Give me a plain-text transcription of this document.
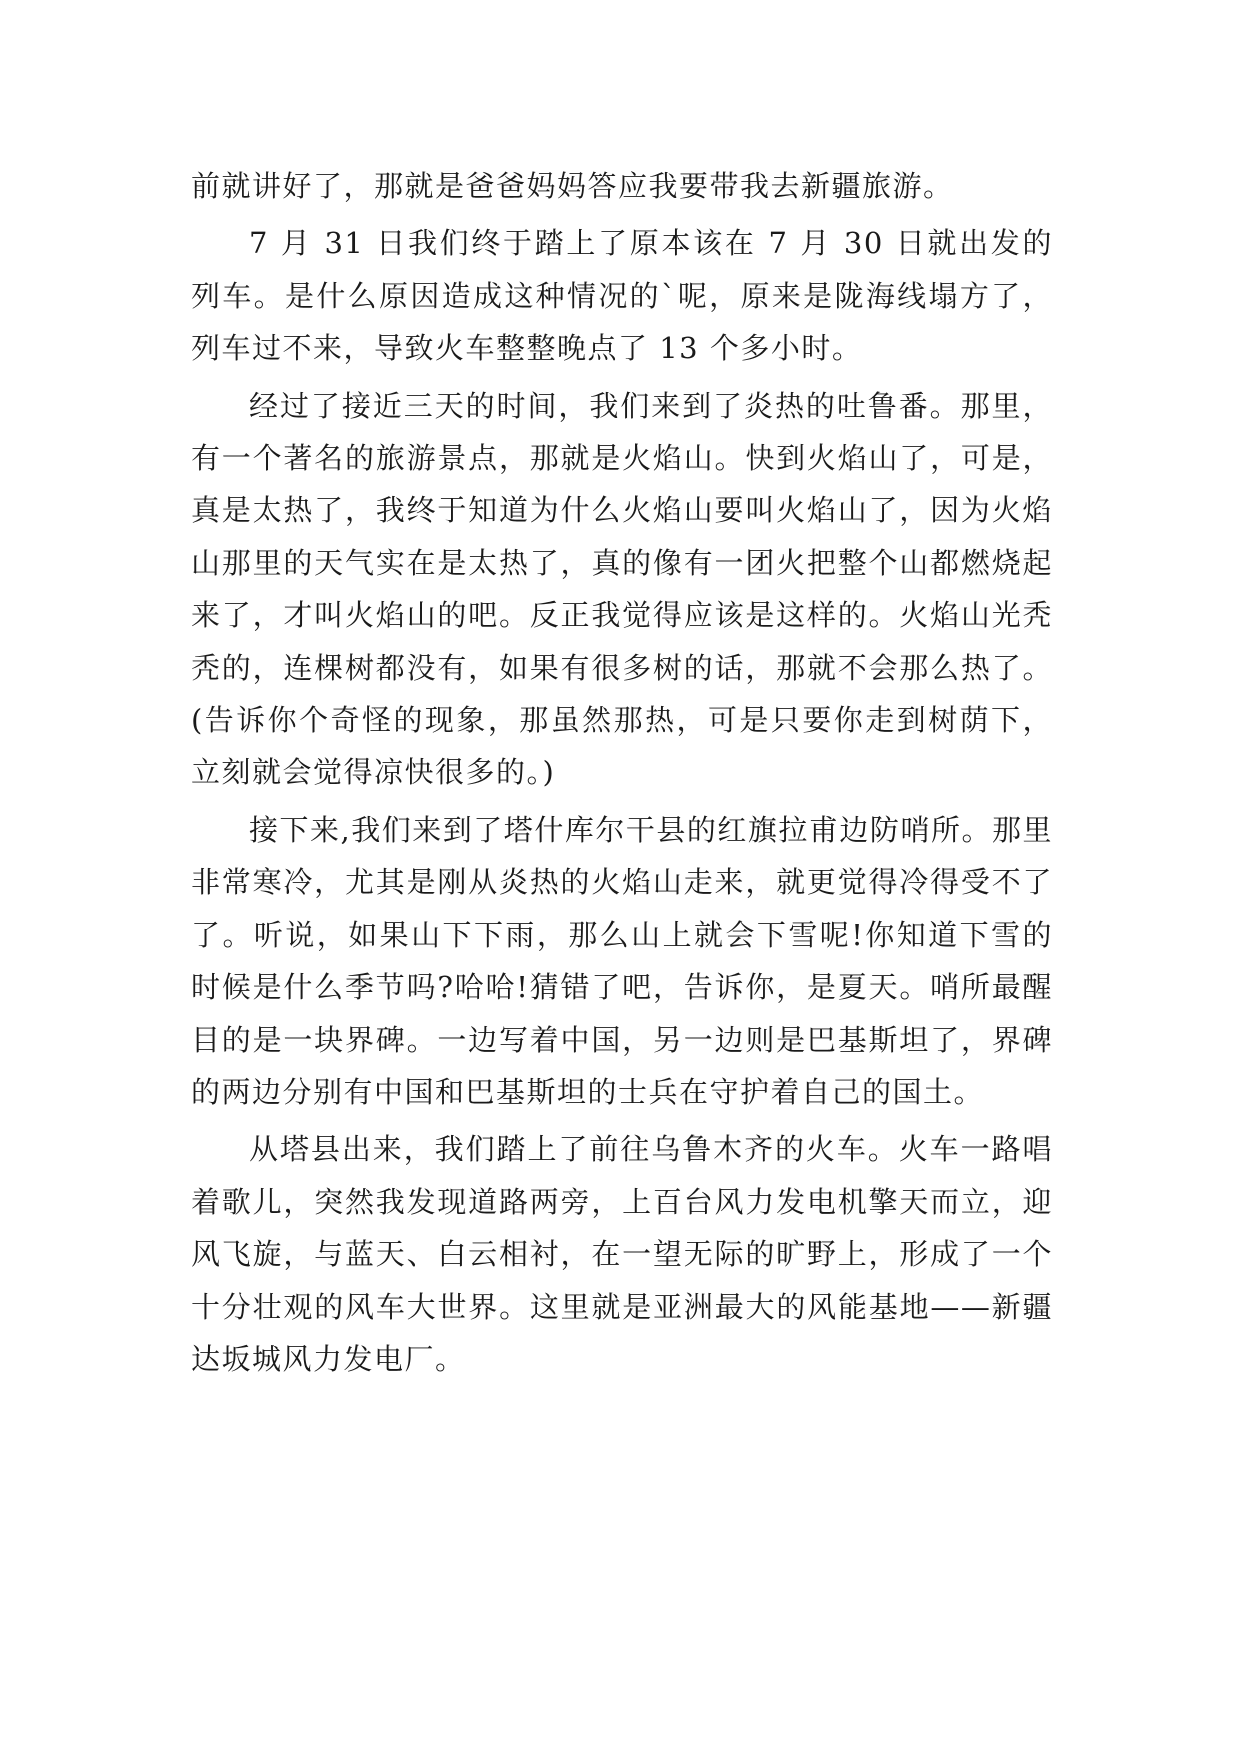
前就讲好了，那就是爸爸妈妈答应我要带我去新疆旅游。

7 月 31 日我们终于踏上了原本该在 7 月 30 日就出发的列车。是什么原因造成这种情况的`呢，原来是陇海线塌方了，列车过不来，导致火车整整晚点了 13 个多小时。

经过了接近三天的时间，我们来到了炎热的吐鲁番。那里，有一个著名的旅游景点，那就是火焰山。快到火焰山了，可是，真是太热了，我终于知道为什么火焰山要叫火焰山了，因为火焰山那里的天气实在是太热了，真的像有一团火把整个山都燃烧起来了，才叫火焰山的吧。反正我觉得应该是这样的。火焰山光秃秃的，连棵树都没有，如果有很多树的话，那就不会那么热了。(告诉你个奇怪的现象，那虽然那热，可是只要你走到树荫下，立刻就会觉得凉快很多的。)

接下来,我们来到了塔什库尔干县的红旗拉甫边防哨所。那里非常寒冷，尤其是刚从炎热的火焰山走来，就更觉得冷得受不了了。听说，如果山下下雨，那么山上就会下雪呢!你知道下雪的时候是什么季节吗?哈哈!猜错了吧，告诉你，是夏天。哨所最醒目的是一块界碑。一边写着中国，另一边则是巴基斯坦了，界碑的两边分别有中国和巴基斯坦的士兵在守护着自己的国土。

从塔县出来，我们踏上了前往乌鲁木齐的火车。火车一路唱着歌儿，突然我发现道路两旁，上百台风力发电机擎天而立，迎风飞旋，与蓝天、白云相衬，在一望无际的旷野上，形成了一个十分壮观的风车大世界。这里就是亚洲最大的风能基地——新疆达坂城风力发电厂。
